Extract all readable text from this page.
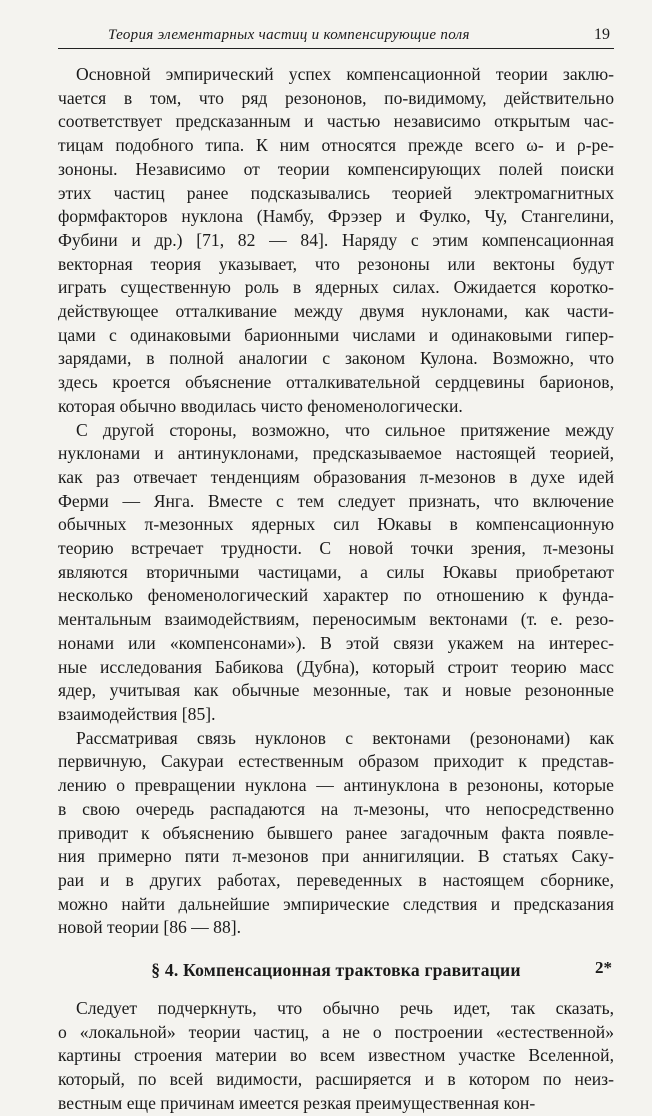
Теория элементарных частиц и компенсирующие поля	19

Основной эмпирический успех компенсационной теории заклю-
чается в том, что ряд резононов, по-видимому, действительно
соответствует предсказанным и частью независимо открытым час-
тицам подобного типа. К ним относятся прежде всего ω- и ρ-ре-
зононы. Независимо от теории компенсирующих полей поиски
этих частиц ранее подсказывались теорией электромагнитных
формфакторов нуклона (Намбу, Фрэзер и Фулко, Чу, Стангелини,
Фубини и др.) [71, 82 — 84]. Наряду с этим компенсационная
векторная теория указывает, что резононы или вектоны будут
играть существенную роль в ядерных силах. Ожидается коротко-
действующее отталкивание между двумя нуклонами, как части-
цами с одинаковыми барионными числами и одинаковыми гипер-
зарядами, в полной аналогии с законом Кулона. Возможно, что
здесь кроется объяснение отталкивательной сердцевины барионов,
которая обычно вводилась чисто феноменологически.

С другой стороны, возможно, что сильное притяжение между
нуклонами и антинуклонами, предсказываемое настоящей теорией,
как раз отвечает тенденциям образования π-мезонов в духе идей
Ферми — Янга. Вместе с тем следует признать, что включение
обычных π-мезонных ядерных сил Юкавы в компенсационную
теорию встречает трудности. С новой точки зрения, π-мезоны
являются вторичными частицами, а силы Юкавы приобретают
несколько феноменологический характер по отношению к фунда-
ментальным взаимодействиям, переносимым вектонами (т. е. резо-
нонами или «компенсонами»). В этой связи укажем на интерес-
ные исследования Бабикова (Дубна), который строит теорию масс
ядер, учитывая как обычные мезонные, так и новые резононные
взаимодействия [85].

Рассматривая связь нуклонов с вектонами (резононами) как
первичную, Сакураи естественным образом приходит к представ-
лению о превращении нуклона — антинуклона в резононы, которые
в свою очередь распадаются на π-мезоны, что непосредственно
приводит к объяснению бывшего ранее загадочным факта появле-
ния примерно пяти π-мезонов при аннигиляции. В статьях Саку-
раи и в других работах, переведенных в настоящем сборнике,
можно найти дальнейшие эмпирические следствия и предсказания
новой теории [86 — 88].

§ 4. Компенсационная трактовка гравитации

Следует подчеркнуть, что обычно речь идет, так сказать,
о «локальной» теории частиц, а не о построении «естественной»
картины строения материи во всем известном участке Вселенной,
который, по всей видимости, расширяется и в котором по неиз-
вестным еще причинам имеется резкая преимущественная кон-

2*
